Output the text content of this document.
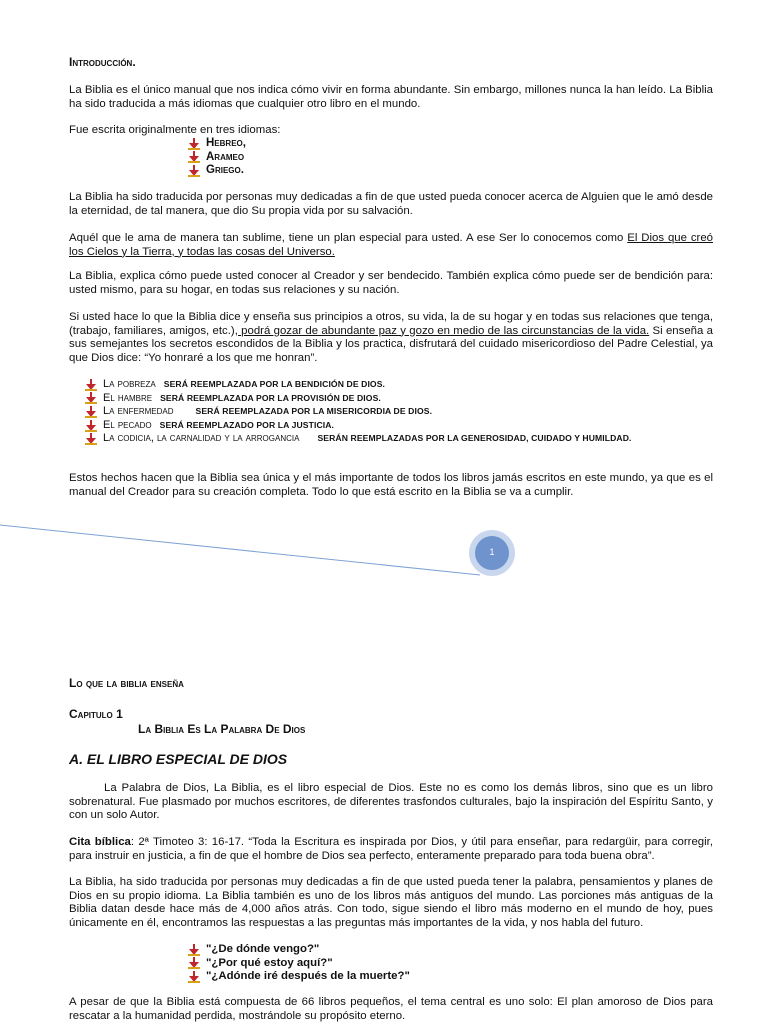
1

Introducción.

La Biblia es el único manual que nos indica cómo vivir en forma abundante. Sin embargo, millones nunca la han leído. La Biblia ha sido traducida a más idiomas que cualquier otro libro en el mundo.

Fue escrita originalmente en tres idiomas:

Hebreo,
Arameo
Griego.

La Biblia ha sido traducida por personas muy dedicadas a fin de que usted pueda conocer acerca de Alguien que le amó desde la eternidad, de tal manera, que dio Su propia vida por su salvación.

Aquél que le ama de manera tan sublime, tiene un plan especial para usted. A ese Ser lo conocemos como El Dios que creó los Cielos y la Tierra, y todas las cosas del Universo.

La Biblia, explica cómo puede usted conocer al Creador y ser bendecido. También explica cómo puede ser de bendición para: usted mismo, para su hogar, en todas sus relaciones y su nación.

Si usted hace lo que la Biblia dice y enseña sus principios a otros, su vida, la de su hogar y en todas sus relaciones que tenga, (trabajo, familiares, amigos, etc.), podrá gozar de abundante paz y gozo en medio de las circunstancias de la vida. Si enseña a sus semejantes los secretos escondidos de la Biblia y los practica, disfrutará del cuidado misericordioso del Padre Celestial, ya que Dios dice: “Yo honraré a los que me honran”.

La pobreza SERÁ REEMPLAZADA POR LA BENDICIÓN DE DIOS.
El hambre SERÁ REEMPLAZADA POR LA PROVISIÓN DE DIOS.
La enfermedad	SERÁ REEMPLAZADA POR LA MISERICORDIA DE DIOS.
El pecado SERÁ REEMPLAZADO POR LA JUSTICIA.
La codicia, la carnalidad y la arrogancia SERÁN REEMPLAZADAS POR LA GENEROSIDAD, CUIDADO Y HUMILDAD.

Estos hechos hacen que la Biblia sea única y el más importante de todos los libros jamás escritos en este mundo, ya que es el manual del Creador para su creación completa. Todo lo que está escrito en la Biblia se va a cumplir.

Lo que la biblia enseña

Capitulo 1

La Biblia Es La Palabra De Dios

A. EL LIBRO ESPECIAL DE DIOS

La Palabra de Dios, La Biblia, es el libro especial de Dios. Este no es como los demás libros, sino que es un libro sobrenatural. Fue plasmado por muchos escritores, de diferentes trasfondos culturales, bajo la inspiración del Espíritu Santo, y con un solo Autor.

Cita bíblica: 2ª Timoteo 3: 16-17. “Toda la Escritura es inspirada por Dios, y útil para enseñar, para redargüir, para corregir, para instruir en justicia, a fin de que el hombre de Dios sea perfecto, enteramente preparado para toda buena obra”.

La Biblia, ha sido traducida por personas muy dedicadas a fin de que usted pueda tener la palabra, pensamientos y planes de Dios en su propio idioma. La Biblia también es uno de los libros más antiguos del mundo. Las porciones más antiguas de la Biblia datan desde hace más de 4,000 años atrás. Con todo, sigue siendo el libro más moderno en el mundo de hoy, pues únicamente en él, encontramos las respuestas a las preguntas más importantes de la vida, y nos habla del futuro.

"¿De dónde vengo?"
"¿Por qué estoy aquí?"
"¿Adónde iré después de la muerte?"

A pesar de que la Biblia está compuesta de 66 libros pequeños, el tema central es uno solo: El plan amoroso de Dios para rescatar a la humanidad perdida, mostrándole su propósito eterno.
